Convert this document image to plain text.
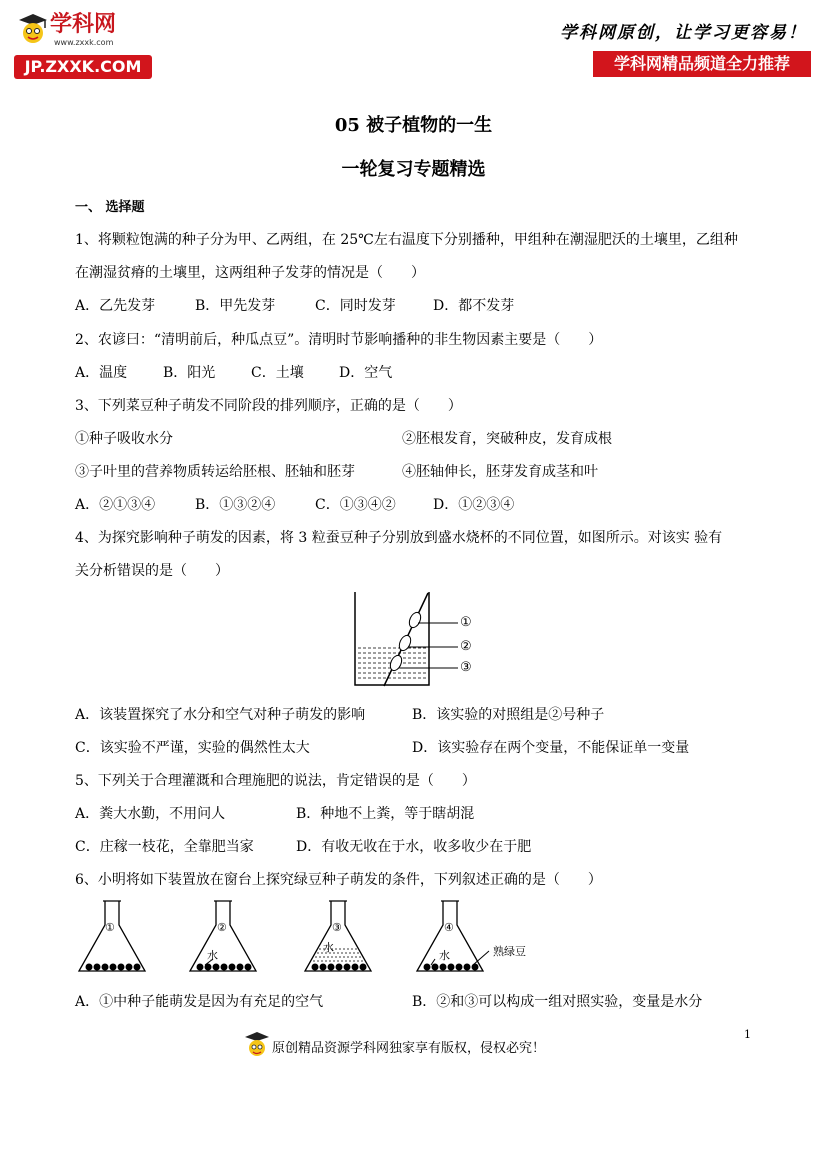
学科网
www.zxxk.com
JP.ZXXK.COM
学科网原创，让学习更容易！
学科网精品频道全力推荐
05 被子植物的一生
一轮复习专题精选
一、 选择题
1、将颗粒饱满的种子分为甲、乙两组，在 25℃左右温度下分别播种，甲组种在潮湿肥沃的土壤里，乙组种
在潮湿贫瘠的土壤里，这两组种子发芽的情况是（　　）
A．乙先发芽	B．甲先发芽	C．同时发芽	D．都不发芽
2、农谚曰：“清明前后，种瓜点豆”。清明时节影响播种的非生物因素主要是（　　）
A．温度	B．阳光	C．土壤	D．空气
3、下列菜豆种子萌发不同阶段的排列顺序，正确的是（　　）
①种子吸收水分	②胚根发育，突破种皮，发育成根
③子叶里的营养物质转运给胚根、胚轴和胚芽	④胚轴伸长，胚芽发育成茎和叶
A．②①③④	B．①③②④	C．①③④②	D．①②③④
4、为探究影响种子萌发的因素，将 3 粒蚕豆种子分别放到盛水烧杯的不同位置，如图所示。对该实 验有
关分析错误的是（　　）
①
②
③
A．该装置探究了水分和空气对种子萌发的影响	B．该实验的对照组是②号种子
C．该实验不严谨，实验的偶然性太大	D．该实验存在两个变量，不能保证单一变量
5、下列关于合理灌溉和合理施肥的说法，肯定错误的是（　　）
A．粪大水勤，不用问人	B．种地不上粪，等于瞎胡混
C．庄稼一枝花，全靠肥当家	D．有收无收在于水，收多收少在于肥
6、小明将如下装置放在窗台上探究绿豆种子萌发的条件，下列叙述正确的是（　　）
①	②	③	④
水
水
水	熟绿豆
A．①中种子能萌发是因为有充足的空气	B．②和③可以构成一组对照实验，变量是水分
1
原创精品资源学科网独家享有版权，侵权必究！
